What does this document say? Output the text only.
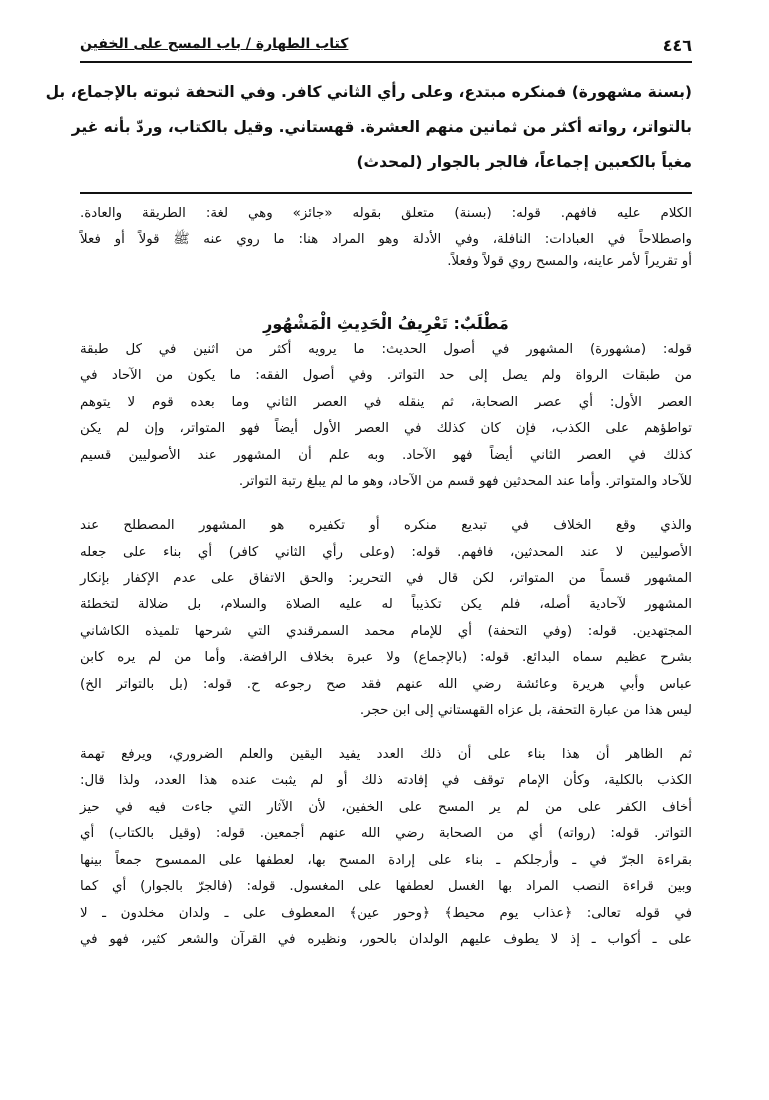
٤٤٦
كتاب الطهارة / باب المسح على الخفين
(بسنة مشهورة) فمنكره مبتدع، وعلى رأي الثاني كافر. وفي التحفة ثبوته بالإجماع، بل
بالتواتر، رواته أكثر من ثمانين منهم العشرة. قهستاني. وقيل بالكتاب، وردّ بأنه غير
مغياً بالكعبين إجماعاً، فالجر بالجوار (لمحدث)
الكلام عليه فافهم. قوله: (بسنة) متعلق بقوله «جائز» وهي لغة: الطريقة والعادة.
واصطلاحاً في العبادات: النافلة، وفي الأدلة وهو المراد هنا: ما روي عنه ﷺ قولاً أو فعلاً
أو تقريراً لأمر عاينه، والمسح روي قولاً وفعلاً.
مَطْلَبٌ: تَعْرِيفُ الْحَدِيثِ الْمَشْهُورِ
قوله: (مشهورة) المشهور في أصول الحديث: ما يرويه أكثر من اثنين في كل طبقة
من طبقات الرواة ولم يصل إلى حد التواتر. وفي أصول الفقه: ما يكون من الآحاد في
العصر الأول: أي عصر الصحابة، ثم ينقله في العصر الثاني وما بعده قوم لا يتوهم
تواطؤهم على الكذب، فإن كان كذلك في العصر الأول أيضاً فهو المتواتر، وإن لم يكن
كذلك في العصر الثاني أيضاً فهو الآحاد. وبه علم أن المشهور عند الأصوليين قسيم
للآحاد والمتواتر. وأما عند المحدثين فهو قسم من الآحاد، وهو ما لم يبلغ رتبة التواتر.
والذي وقع الخلاف في تبديع منكره أو تكفيره هو المشهور المصطلح عند
الأصوليين لا عند المحدثين، فافهم. قوله: (وعلى رأي الثاني كافر) أي بناء على جعله
المشهور قسماً من المتواتر، لكن قال في التحرير: والحق الاتفاق على عدم الإكفار بإنكار
المشهور لآحادية أصله، فلم يكن تكذيباً له عليه الصلاة والسلام، بل ضلالة لتخطئة
المجتهدين. قوله: (وفي التحفة) أي للإمام محمد السمرقندي التي شرحها تلميذه الكاشاني
بشرح عظيم سماه البدائع. قوله: (بالإجماع) ولا عبرة بخلاف الرافضة. وأما من لم يره كابن
عباس وأبي هريرة وعائشة رضي الله عنهم فقد صح رجوعه ح. قوله: (بل بالتواتر الخ)
ليس هذا من عبارة التحفة، بل عزاه القهستاني إلى ابن حجر.
ثم الظاهر أن هذا بناء على أن ذلك العدد يفيد اليقين والعلم الضروري، ويرفع تهمة
الكذب بالكلية، وكأن الإمام توقف في إفادته ذلك أو لم يثبت عنده هذا العدد، ولذا قال:
أخاف الكفر على من لم ير المسح على الخفين، لأن الآثار التي جاءت فيه في حيز
التواتر. قوله: (رواته) أي من الصحابة رضي الله عنهم أجمعين. قوله: (وقيل بالكتاب) أي
بقراءة الجرّ في ـ وأرجلكم ـ بناء على إرادة المسح بها، لعطفها على الممسوح جمعاً بينها
وبين قراءة النصب المراد بها الغسل لعطفها على المغسول. قوله: (فالجرّ بالجوار) أي كما
في قوله تعالى: ﴿عذاب يوم محيط﴾ ﴿وحور عين﴾ المعطوف على ـ ولدان مخلدون ـ لا
على ـ أكواب ـ إذ لا يطوف عليهم الولدان بالحور، ونظيره في القرآن والشعر كثير، فهو في
